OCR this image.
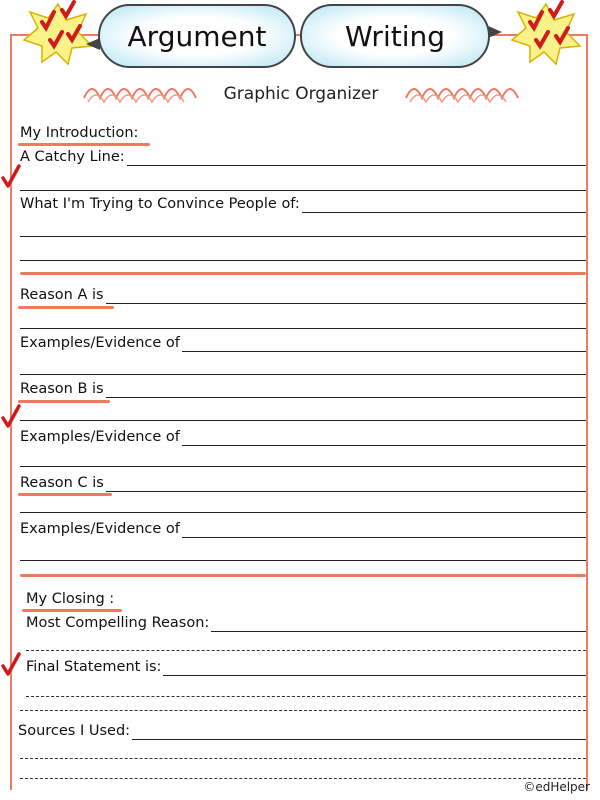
Argument	Writing
Graphic Organizer
My Introduction:
A Catchy Line:
What I'm Trying to Convince People of:
Reason A is
Examples/Evidence of
Reason B is
Examples/Evidence of
Reason C is
Examples/Evidence of
My Closing :
Most Compelling Reason:
Final Statement is:
Sources I Used:
©edHelper
